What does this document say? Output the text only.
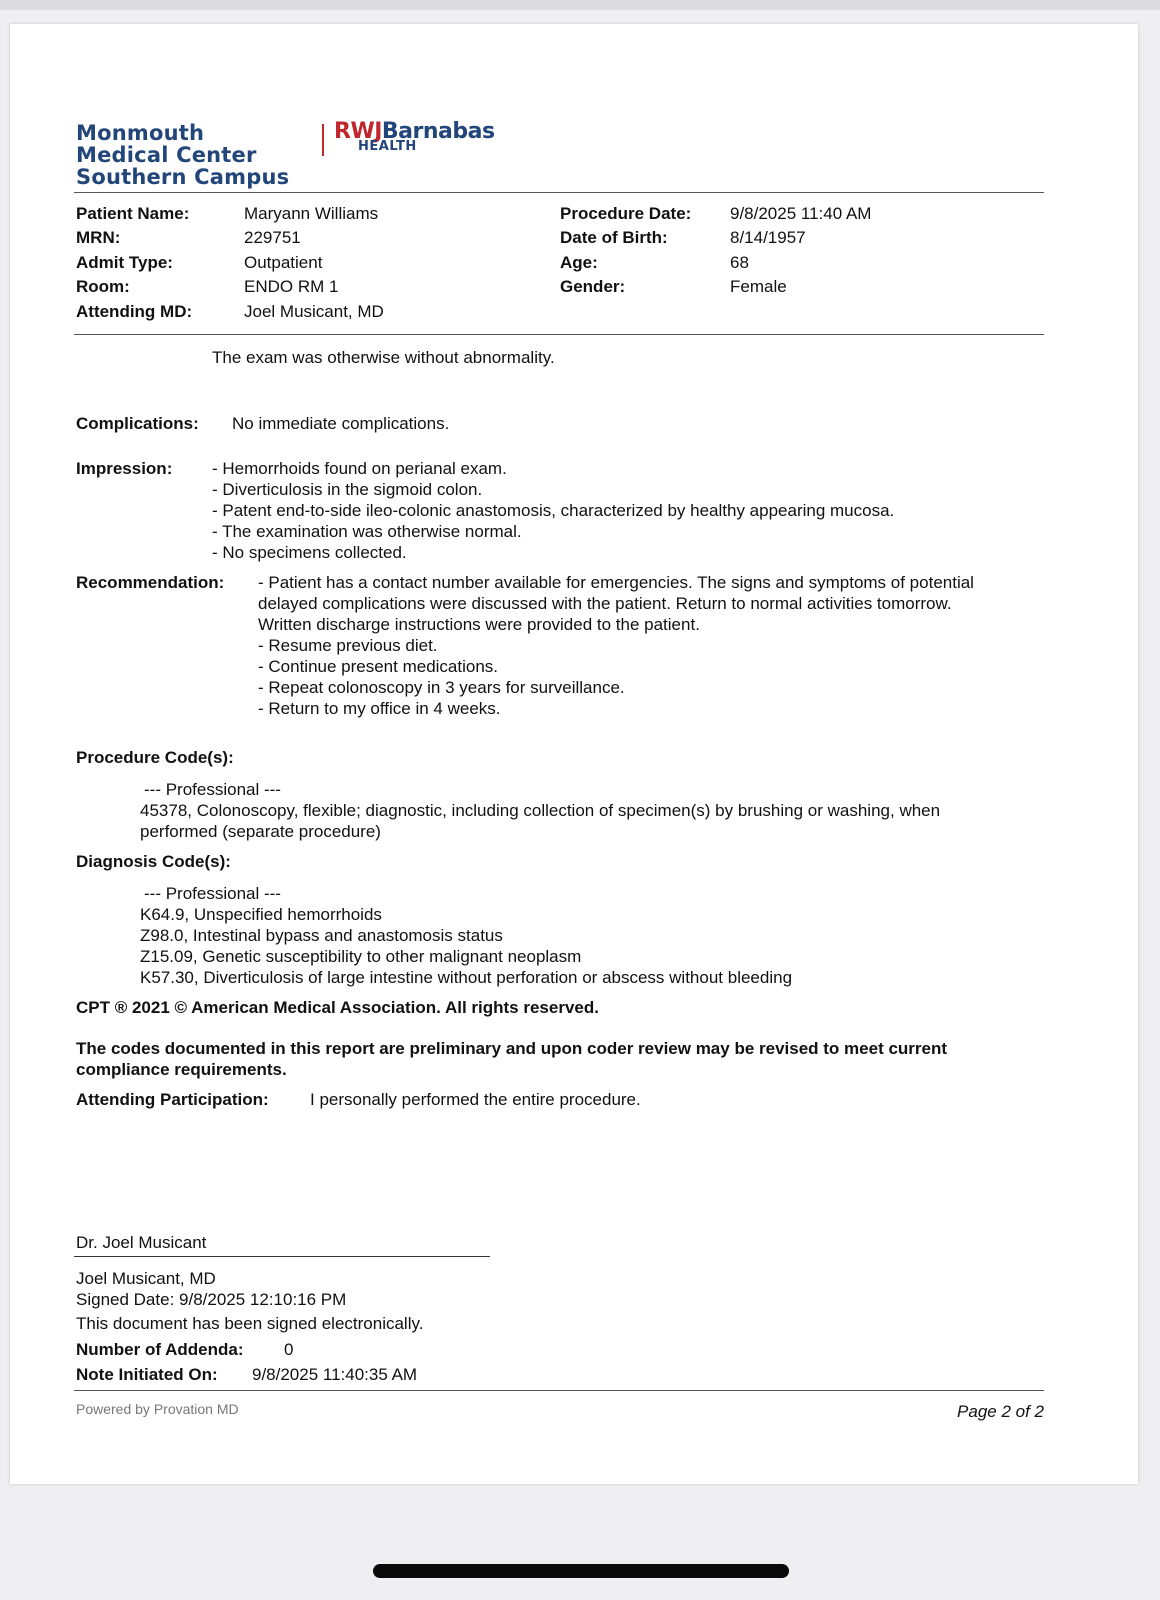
Monmouth
Medical Center
Southern Campus
RWJBarnabas
HEALTH
Patient Name:	Maryann Williams
MRN:	229751
Admit Type:	Outpatient
Room:	ENDO RM 1
Attending MD:	Joel Musicant, MD
Procedure Date: 9/8/2025 11:40 AM
Date of Birth:	8/14/1957
Age:	68
Gender:	Female
The exam was otherwise without abnormality.
Complications: No immediate complications.
Impression: - Hemorrhoids found on perianal exam.
- Diverticulosis in the sigmoid colon.
- Patent end-to-side ileo-colonic anastomosis, characterized by healthy appearing mucosa.
- The examination was otherwise normal.
- No specimens collected.
Recommendation: - Patient has a contact number available for emergencies. The signs and symptoms of potential
delayed complications were discussed with the patient. Return to normal activities tomorrow.
Written discharge instructions were provided to the patient.
- Resume previous diet.
- Continue present medications.
- Repeat colonoscopy in 3 years for surveillance.
- Return to my office in 4 weeks.
Procedure Code(s):
--- Professional ---
45378, Colonoscopy, flexible; diagnostic, including collection of specimen(s) by brushing or washing, when
performed (separate procedure)
Diagnosis Code(s):
--- Professional ---
K64.9, Unspecified hemorrhoids
Z98.0, Intestinal bypass and anastomosis status
Z15.09, Genetic susceptibility to other malignant neoplasm
K57.30, Diverticulosis of large intestine without perforation or abscess without bleeding
CPT ® 2021 © American Medical Association. All rights reserved.
The codes documented in this report are preliminary and upon coder review may be revised to meet current
compliance requirements.
Attending Participation: I personally performed the entire procedure.
Dr. Joel Musicant
Joel Musicant, MD
Signed Date: 9/8/2025 12:10:16 PM
This document has been signed electronically.
Number of Addenda: 0
Note Initiated On: 9/8/2025 11:40:35 AM
Powered by Provation MD	Page 2 of 2
